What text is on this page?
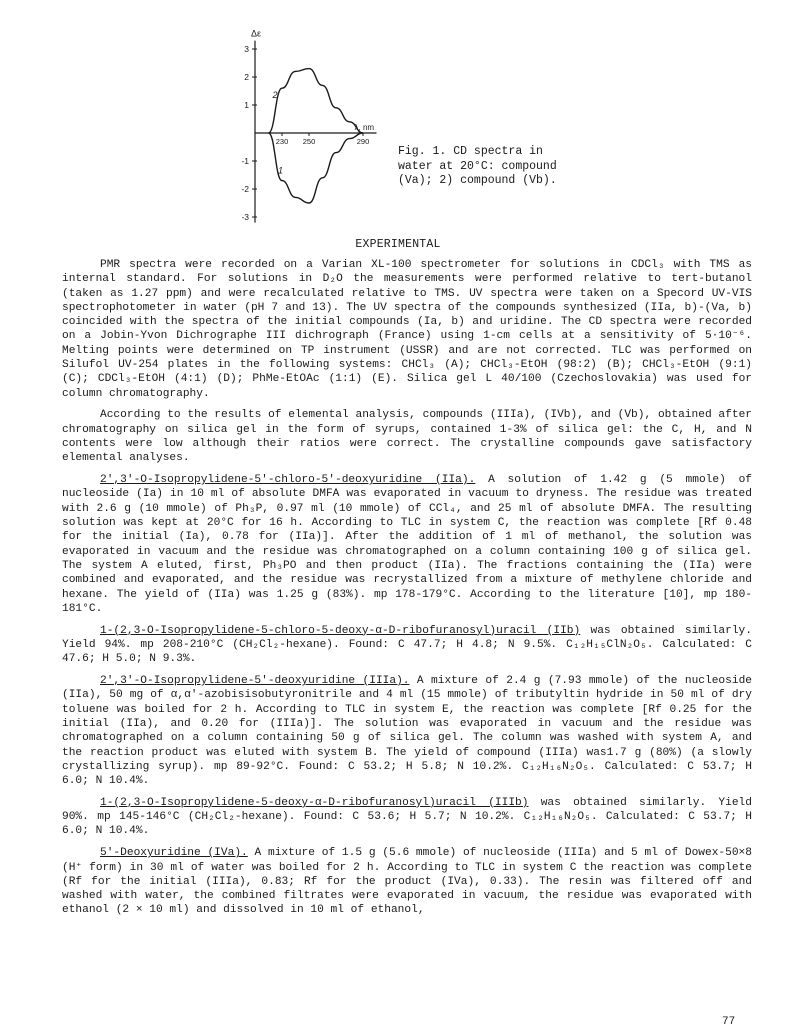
Δε
3
2
1
-1
-2
-3
230 250	290
λ, nm
1
2
Fig. 1. CD spectra in
water at 20°C: compound
(Va); 2) compound (Vb).
EXPERIMENTAL

PMR spectra were recorded on a Varian XL-100 spectrometer for solutions in CDCl₃ with TMS as internal standard. For solutions in D₂O the measurements were performed relative to tert-butanol (taken as 1.27 ppm) and were recalculated relative to TMS. UV spectra were taken on a Specord UV-VIS spectrophotometer in water (pH 7 and 13). The UV spectra of the compounds synthesized (IIa, b)-(Va, b) coincided with the spectra of the initial compounds (Ia, b) and uridine. The CD spectra were recorded on a Jobin-Yvon Dichrographe III dichrograph (France) using 1-cm cells at a sensitivity of 5·10⁻⁶. Melting points were determined on TP instrument (USSR) and are not corrected. TLC was performed on Silufol UV-254 plates in the following systems: CHCl₃ (A); CHCl₃-EtOH (98:2) (B); CHCl₃-EtOH (9:1) (C); CDCl₃-EtOH (4:1) (D); PhMe-EtOAc (1:1) (E). Silica gel L 40/100 (Czechoslovakia) was used for column chromatography.

According to the results of elemental analysis, compounds (IIIa), (IVb), and (Vb), obtained after chromatography on silica gel in the form of syrups, contained 1-3% of silica gel: the C, H, and N contents were low although their ratios were correct. The crystalline compounds gave satisfactory elemental analyses.

2',3'-O-Isopropylidene-5'-chloro-5'-deoxyuridine (IIa). A solution of 1.42 g (5 mmole) of nucleoside (Ia) in 10 ml of absolute DMFA was evaporated in vacuum to dryness. The residue was treated with 2.6 g (10 mmole) of Ph₃P, 0.97 ml (10 mmole) of CCl₄, and 25 ml of absolute DMFA. The resulting solution was kept at 20°C for 16 h. According to TLC in system C, the reaction was complete [Rf 0.48 for the initial (Ia), 0.78 for (IIa)]. After the addition of 1 ml of methanol, the solution was evaporated in vacuum and the residue was chromatographed on a column containing 100 g of silica gel. The system A eluted, first, Ph₃PO and then product (IIa). The fractions containing the (IIa) were combined and evaporated, and the residue was recrystallized from a mixture of methylene chloride and hexane. The yield of (IIa) was 1.25 g (83%). mp 178-179°C. According to the literature [10], mp 180-181°C.

1-(2,3-O-Isopropylidene-5-chloro-5-deoxy-α-D-ribofuranosyl)uracil (IIb) was obtained similarly. Yield 94%. mp 208-210°C (CH₂Cl₂-hexane). Found: C 47.7; H 4.8; N 9.5%. C₁₂H₁₅ClN₂O₅. Calculated: C 47.6; H 5.0; N 9.3%.

2',3'-O-Isopropylidene-5'-deoxyuridine (IIIa). A mixture of 2.4 g (7.93 mmole) of the nucleoside (IIa), 50 mg of α,α'-azobisisobutyronitrile and 4 ml (15 mmole) of tributyltin hydride in 50 ml of dry toluene was boiled for 2 h. According to TLC in system E, the reaction was complete [Rf 0.25 for the initial (IIa), and 0.20 for (IIIa)]. The solution was evaporated in vacuum and the residue was chromatographed on a column containing 50 g of silica gel. The column was washed with system A, and the reaction product was eluted with system B. The yield of compound (IIIa) was1.7 g (80%) (a slowly crystallizing syrup). mp 89-92°C. Found: C 53.2; H 5.8; N 10.2%. C₁₂H₁₆N₂O₅. Calculated: C 53.7; H 6.0; N 10.4%.

1-(2,3-O-Isopropylidene-5-deoxy-α-D-ribofuranosyl)uracil (IIIb) was obtained similarly. Yield 90%. mp 145-146°C (CH₂Cl₂-hexane). Found: C 53.6; H 5.7; N 10.2%. C₁₂H₁₆N₂O₅. Calculated: C 53.7; H 6.0; N 10.4%.

5'-Deoxyuridine (IVa). A mixture of 1.5 g (5.6 mmole) of nucleoside (IIIa) and 5 ml of Dowex-50×8 (H⁺ form) in 30 ml of water was boiled for 2 h. According to TLC in system C the reaction was complete (Rf for the initial (IIIa), 0.83; Rf for the product (IVa), 0.33). The resin was filtered off and washed with water, the combined filtrates were evaporated in vacuum, the residue was evaporated with ethanol (2 × 10 ml) and dissolved in 10 ml of ethanol,

77
